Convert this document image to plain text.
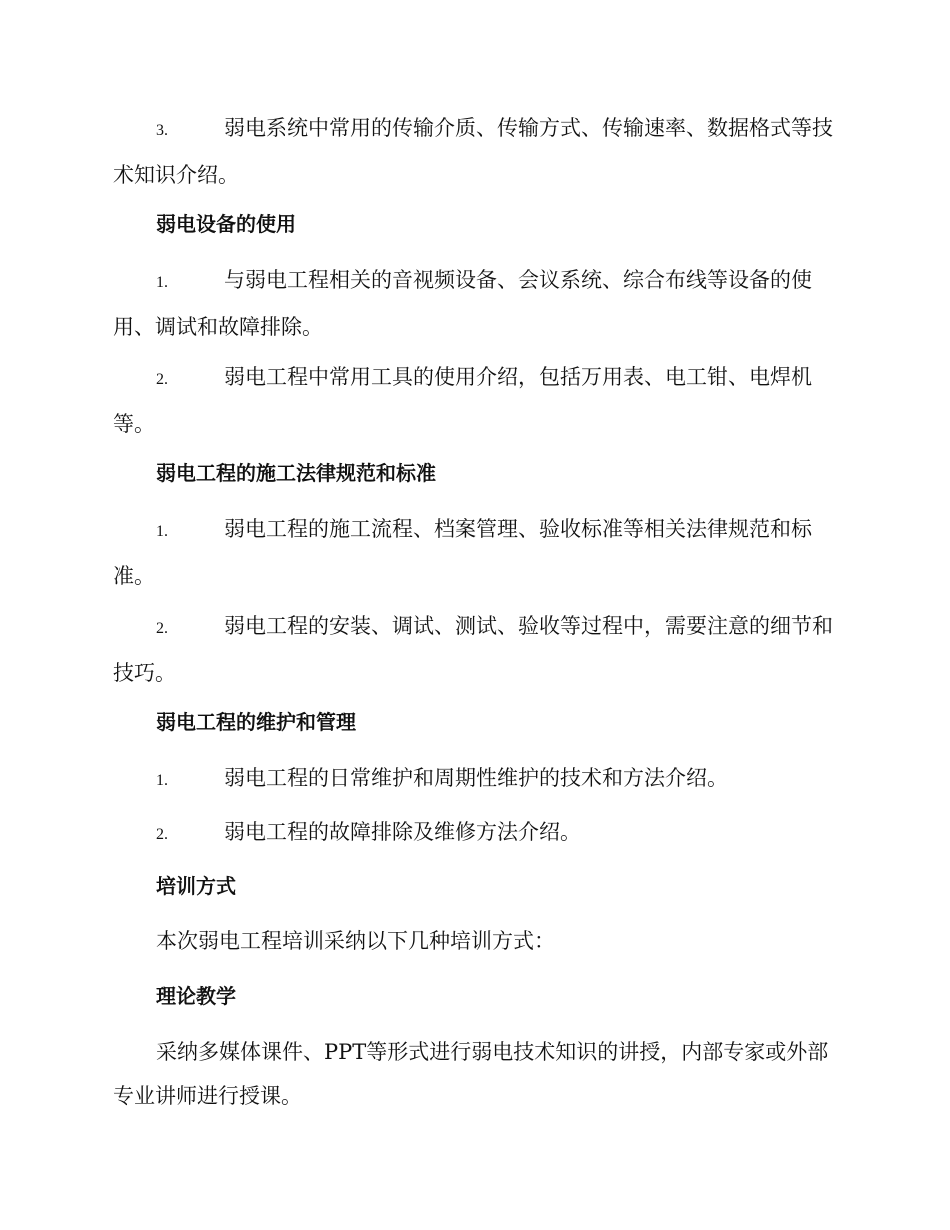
3.	弱电系统中常用的传输介质、传输方式、传输速率、数据格式等技术知识介绍。
弱电设备的使用
1.	与弱电工程相关的音视频设备、会议系统、综合布线等设备的使用、调试和故障排除。
2.	弱电工程中常用工具的使用介绍，包括万用表、电工钳、电焊机等。
弱电工程的施工法律规范和标准
1.	弱电工程的施工流程、档案管理、验收标准等相关法律规范和标准。
2.	弱电工程的安装、调试、测试、验收等过程中，需要注意的细节和技巧。
弱电工程的维护和管理
1.	弱电工程的日常维护和周期性维护的技术和方法介绍。
2.	弱电工程的故障排除及维修方法介绍。
培训方式
本次弱电工程培训采纳以下几种培训方式：
理论教学
采纳多媒体课件、PPT等形式进行弱电技术知识的讲授，内部专家或外部专业讲师进行授课。
